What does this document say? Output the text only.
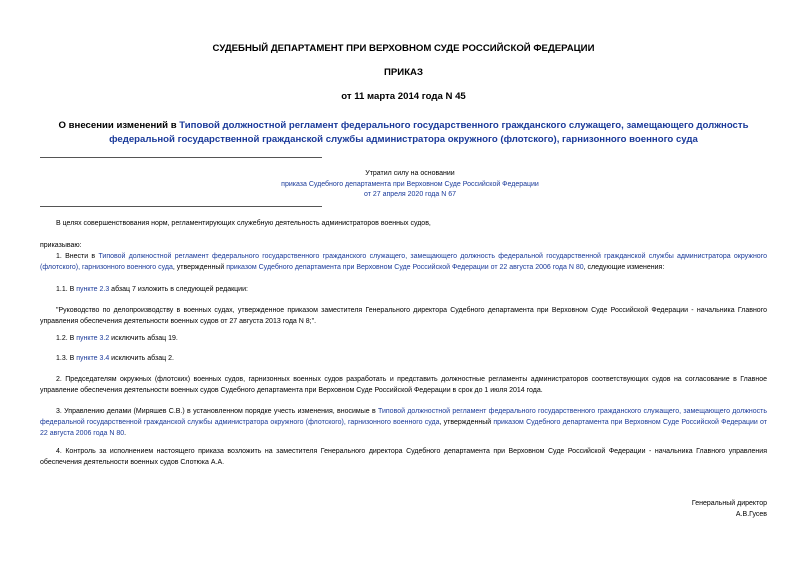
СУДЕБНЫЙ ДЕПАРТАМЕНТ ПРИ ВЕРХОВНОМ СУДЕ РОССИЙСКОЙ ФЕДЕРАЦИИ
ПРИКАЗ
от 11 марта 2014 года N 45
О внесении изменений в Типовой должностной регламент федерального государственного гражданского служащего, замещающего должность федеральной государственной гражданской службы администратора окружного (флотского), гарнизонного военного суда
Утратил силу на основании
приказа Судебного департамента при Верховном Суде Российской Федерации
от 27 апреля 2020 года N 67
В целях совершенствования норм, регламентирующих служебную деятельность администраторов военных судов,
приказываю:
1. Внести в Типовой должностной регламент федерального государственного гражданского служащего, замещающего должность федеральной государственной гражданской службы администратора окружного (флотского), гарнизонного военного суда, утвержденный приказом Судебного департамента при Верховном Суде Российской Федерации от 22 августа 2006 года N 80, следующие изменения:
1.1. В пункте 2.3 абзац 7 изложить в следующей редакции:
"Руководство по делопроизводству в военных судах, утвержденное приказом заместителя Генерального директора Судебного департамента при Верховном Суде Российской Федерации - начальника Главного управления обеспечения деятельности военных судов от 27 августа 2013 года N 8;".
1.2. В пункте 3.2 исключить абзац 19.
1.3. В пункте 3.4 исключить абзац 2.
2. Председателям окружных (флотских) военных судов, гарнизонных военных судов разработать и представить должностные регламенты администраторов соответствующих судов на согласование в Главное управление обеспечения деятельности военных судов Судебного департамента при Верховном Суде Российской Федерации в срок до 1 июля 2014 года.
3. Управлению делами (Миряшев С.В.) в установленном порядке учесть изменения, вносимые в Типовой должностной регламент федерального государственного гражданского служащего, замещающего должность федеральной государственной гражданской службы администратора окружного (флотского), гарнизонного военного суда, утвержденный приказом Судебного департамента при Верховном Суде Российской Федерации от 22 августа 2006 года N 80.
4. Контроль за исполнением настоящего приказа возложить на заместителя Генерального директора Судебного департамента при Верховном Суде Российской Федерации - начальника Главного управления обеспечения деятельности военных судов Слотюка А.А.
Генеральный директор
А.В.Гусев
